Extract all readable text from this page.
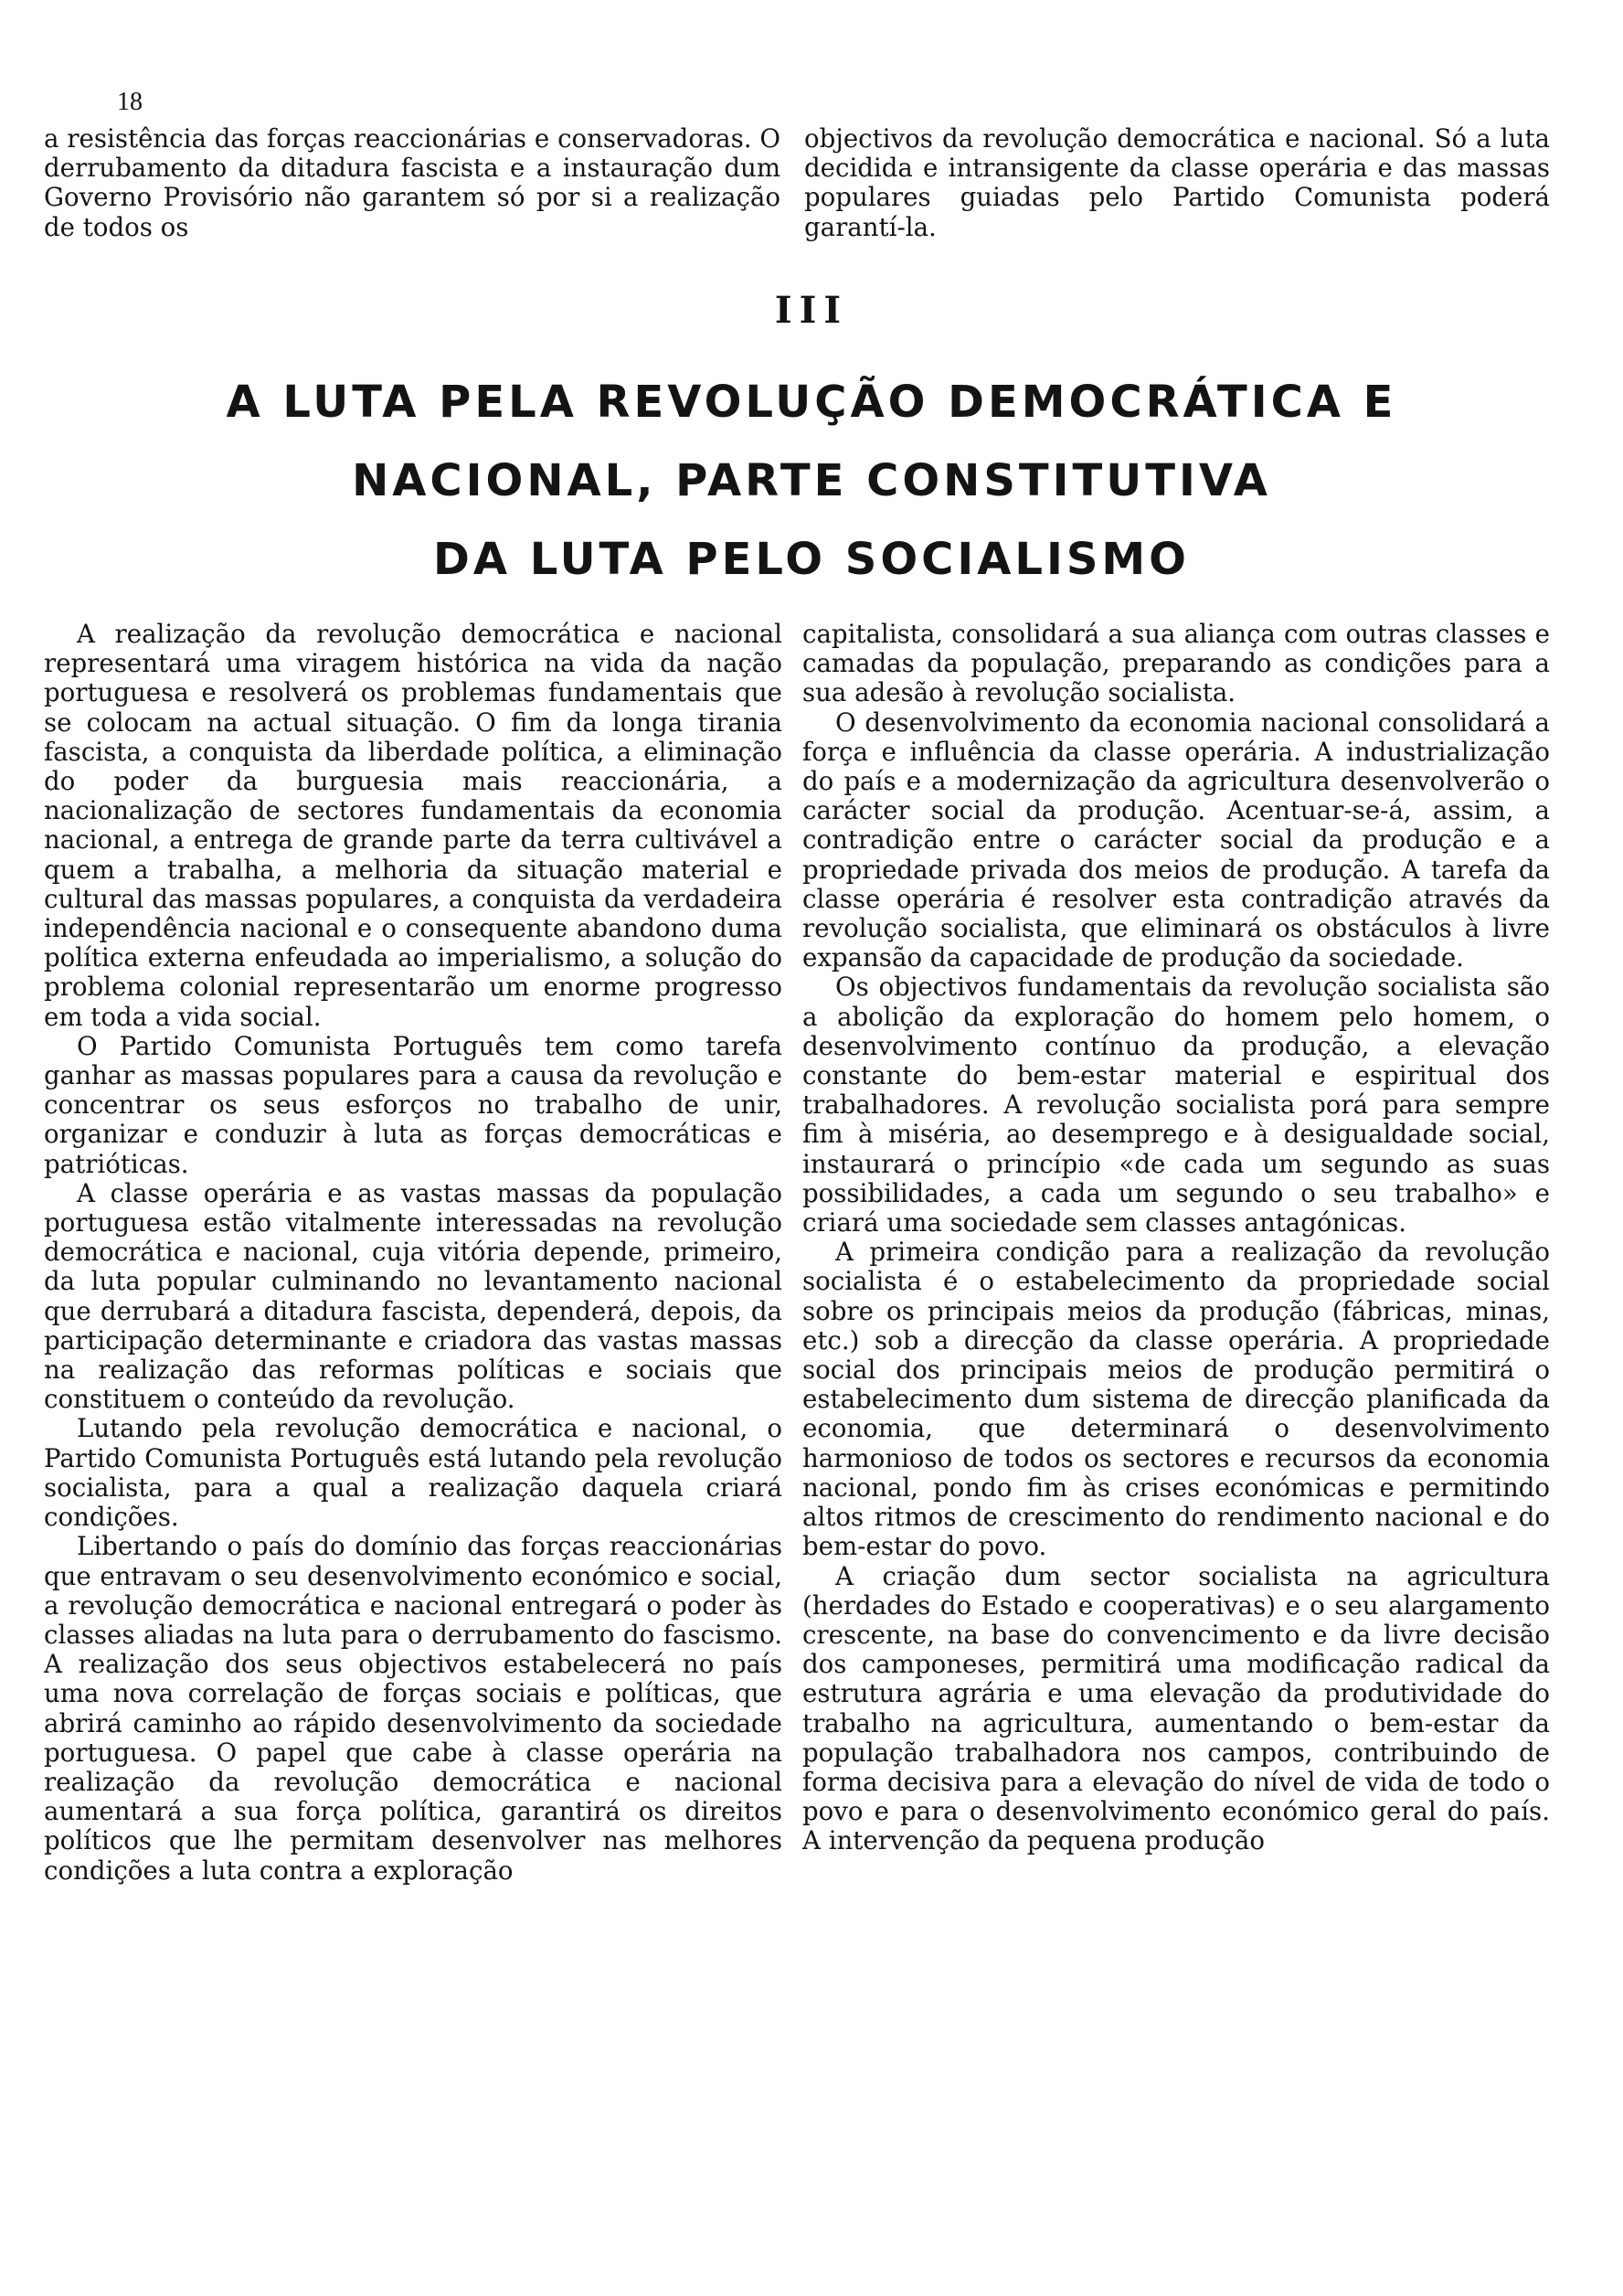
18

a resistência das forças reaccionárias e conservadoras. O derrubamento da ditadura fascista e a instauração dum Governo Provisório não garantem só por si a realização de todos os

objectivos da revolução democrática e nacional. Só a luta decidida e intransigente da classe operária e das massas populares guiadas pelo Partido Comunista poderá garantí-la.

III
A LUTA PELA REVOLUÇÃO DEMOCRÁTICA E
NACIONAL, PARTE CONSTITUTIVA
DA LUTA PELO SOCIALISMO

A realização da revolução democrática e nacional representará uma viragem histórica na vida da nação portuguesa e resolverá os problemas fundamentais que se colocam na actual situação. O fim da longa tirania fascista, a conquista da liberdade política, a eliminação do poder da burguesia mais reaccionária, a nacionalização de sectores fundamentais da economia nacional, a entrega de grande parte da terra cultivável a quem a trabalha, a melhoria da situação material e cultural das massas populares, a conquista da verdadeira independência nacional e o consequente abandono duma política externa enfeudada ao imperialismo, a solução do problema colonial representarão um enorme progresso em toda a vida social.

O Partido Comunista Português tem como tarefa ganhar as massas populares para a causa da revolução e concentrar os seus esforços no trabalho de unir, organizar e conduzir à luta as forças democráticas e patrióticas.

A classe operária e as vastas massas da população portuguesa estão vitalmente interessadas na revolução democrática e nacional, cuja vitória depende, primeiro, da luta popular culminando no levantamento nacional que derrubará a ditadura fascista, dependerá, depois, da participação determinante e criadora das vastas massas na realização das reformas políticas e sociais que constituem o conteúdo da revolução.

Lutando pela revolução democrática e nacional, o Partido Comunista Português está lutando pela revolução socialista, para a qual a realização daquela criará condições.

Libertando o país do domínio das forças reaccionárias que entravam o seu desenvolvimento económico e social, a revolução democrática e nacional entregará o poder às classes aliadas na luta para o derrubamento do fascismo. A realização dos seus objectivos estabelecerá no país uma nova correlação de forças sociais e políticas, que abrirá caminho ao rápido desenvolvimento da sociedade portuguesa. O papel que cabe à classe operária na realização da revolução democrática e nacional aumentará a sua força política, garantirá os direitos políticos que lhe permitam desenvolver nas melhores condições a luta contra a exploração

capitalista, consolidará a sua aliança com outras classes e camadas da população, preparando as condições para a sua adesão à revolução socialista.

O desenvolvimento da economia nacional consolidará a força e influência da classe operária. A industrialização do país e a modernização da agricultura desenvolverão o carácter social da produção. Acentuar-se-á, assim, a contradição entre o carácter social da produção e a propriedade privada dos meios de produção. A tarefa da classe operária é resolver esta contradição através da revolução socialista, que eliminará os obstáculos à livre expansão da capacidade de produção da sociedade.

Os objectivos fundamentais da revolução socialista são a abolição da exploração do homem pelo homem, o desenvolvimento contínuo da produção, a elevação constante do bem-estar material e espiritual dos trabalhadores. A revolução socialista porá para sempre fim à miséria, ao desemprego e à desigualdade social, instaurará o princípio «de cada um segundo as suas possibilidades, a cada um segundo o seu trabalho» e criará uma sociedade sem classes antagónicas.

A primeira condição para a realização da revolução socialista é o estabelecimento da propriedade social sobre os principais meios da produção (fábricas, minas, etc.) sob a direcção da classe operária. A propriedade social dos principais meios de produção permitirá o estabelecimento dum sistema de direcção planificada da economia, que determinará o desenvolvimento harmonioso de todos os sectores e recursos da economia nacional, pondo fim às crises económicas e permitindo altos ritmos de crescimento do rendimento nacional e do bem-estar do povo.

A criação dum sector socialista na agricultura (herdades do Estado e cooperativas) e o seu alargamento crescente, na base do convencimento e da livre decisão dos camponeses, permitirá uma modificação radical da estrutura agrária e uma elevação da produtividade do trabalho na agricultura, aumentando o bem-estar da população trabalhadora nos campos, contribuindo de forma decisiva para a elevação do nível de vida de todo o povo e para o desenvolvimento económico geral do país. A intervenção da pequena produção
